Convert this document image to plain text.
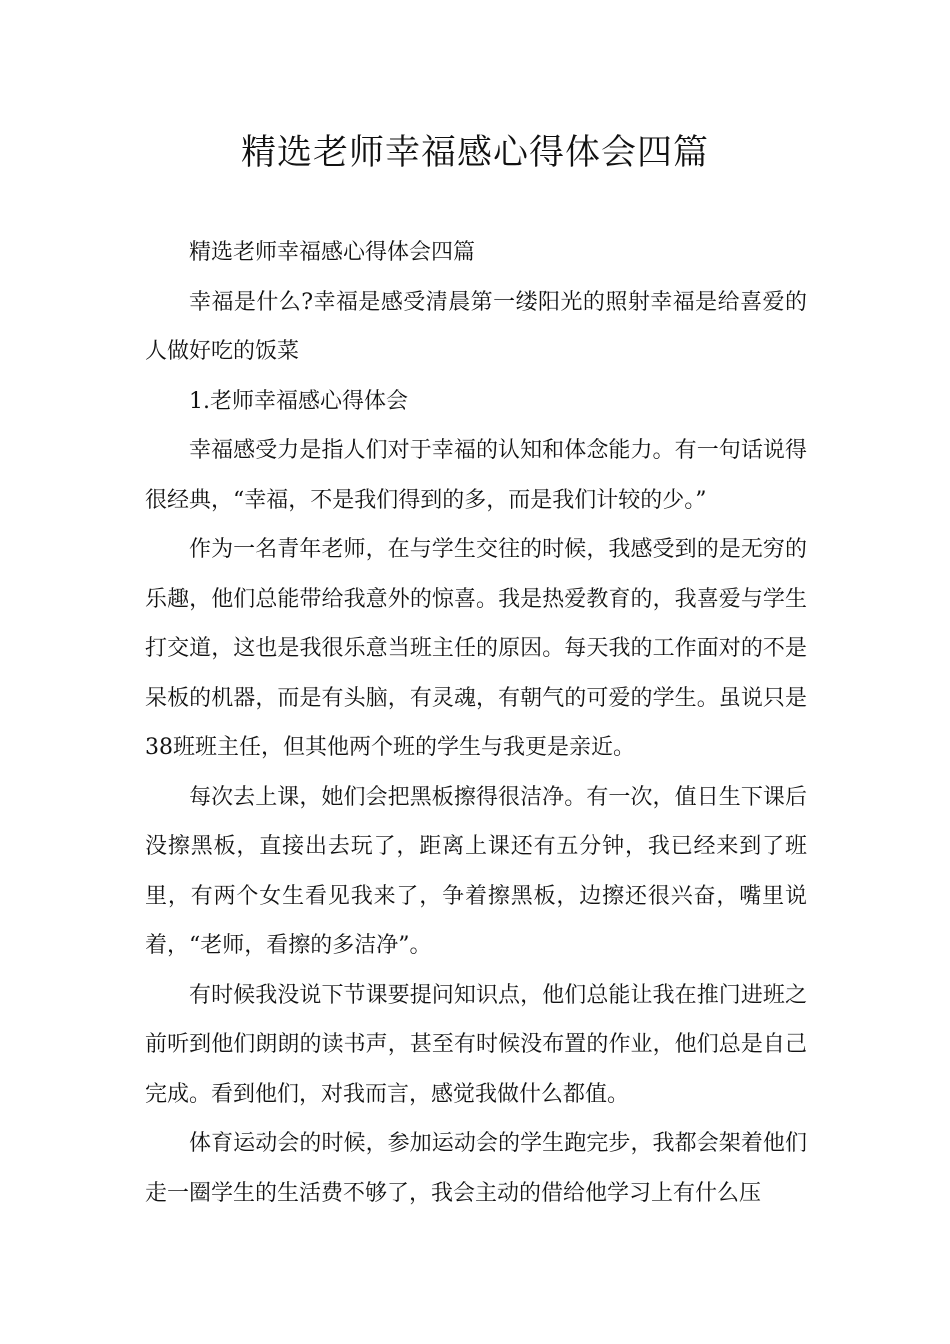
精选老师幸福感心得体会四篇

精选老师幸福感心得体会四篇

幸福是什么?幸福是感受清晨第一缕阳光的照射幸福是给喜爱的人做好吃的饭菜

1.老师幸福感心得体会

幸福感受力是指人们对于幸福的认知和体念能力。有一句话说得很经典，“幸福，不是我们得到的多，而是我们计较的少。”

作为一名青年老师，在与学生交往的时候，我感受到的是无穷的乐趣，他们总能带给我意外的惊喜。我是热爱教育的，我喜爱与学生打交道，这也是我很乐意当班主任的原因。每天我的工作面对的不是呆板的机器，而是有头脑，有灵魂，有朝气的可爱的学生。虽说只是38班班主任，但其他两个班的学生与我更是亲近。

每次去上课，她们会把黑板擦得很洁净。有一次，值日生下课后没擦黑板，直接出去玩了，距离上课还有五分钟，我已经来到了班里，有两个女生看见我来了，争着擦黑板，边擦还很兴奋，嘴里说着，“老师，看擦的多洁净”。

有时候我没说下节课要提问知识点，他们总能让我在推门进班之前听到他们朗朗的读书声，甚至有时候没布置的作业，他们总是自己完成。看到他们，对我而言，感觉我做什么都值。

体育运动会的时候，参加运动会的学生跑完步，我都会架着他们走一圈学生的生活费不够了，我会主动的借给他学习上有什么压
